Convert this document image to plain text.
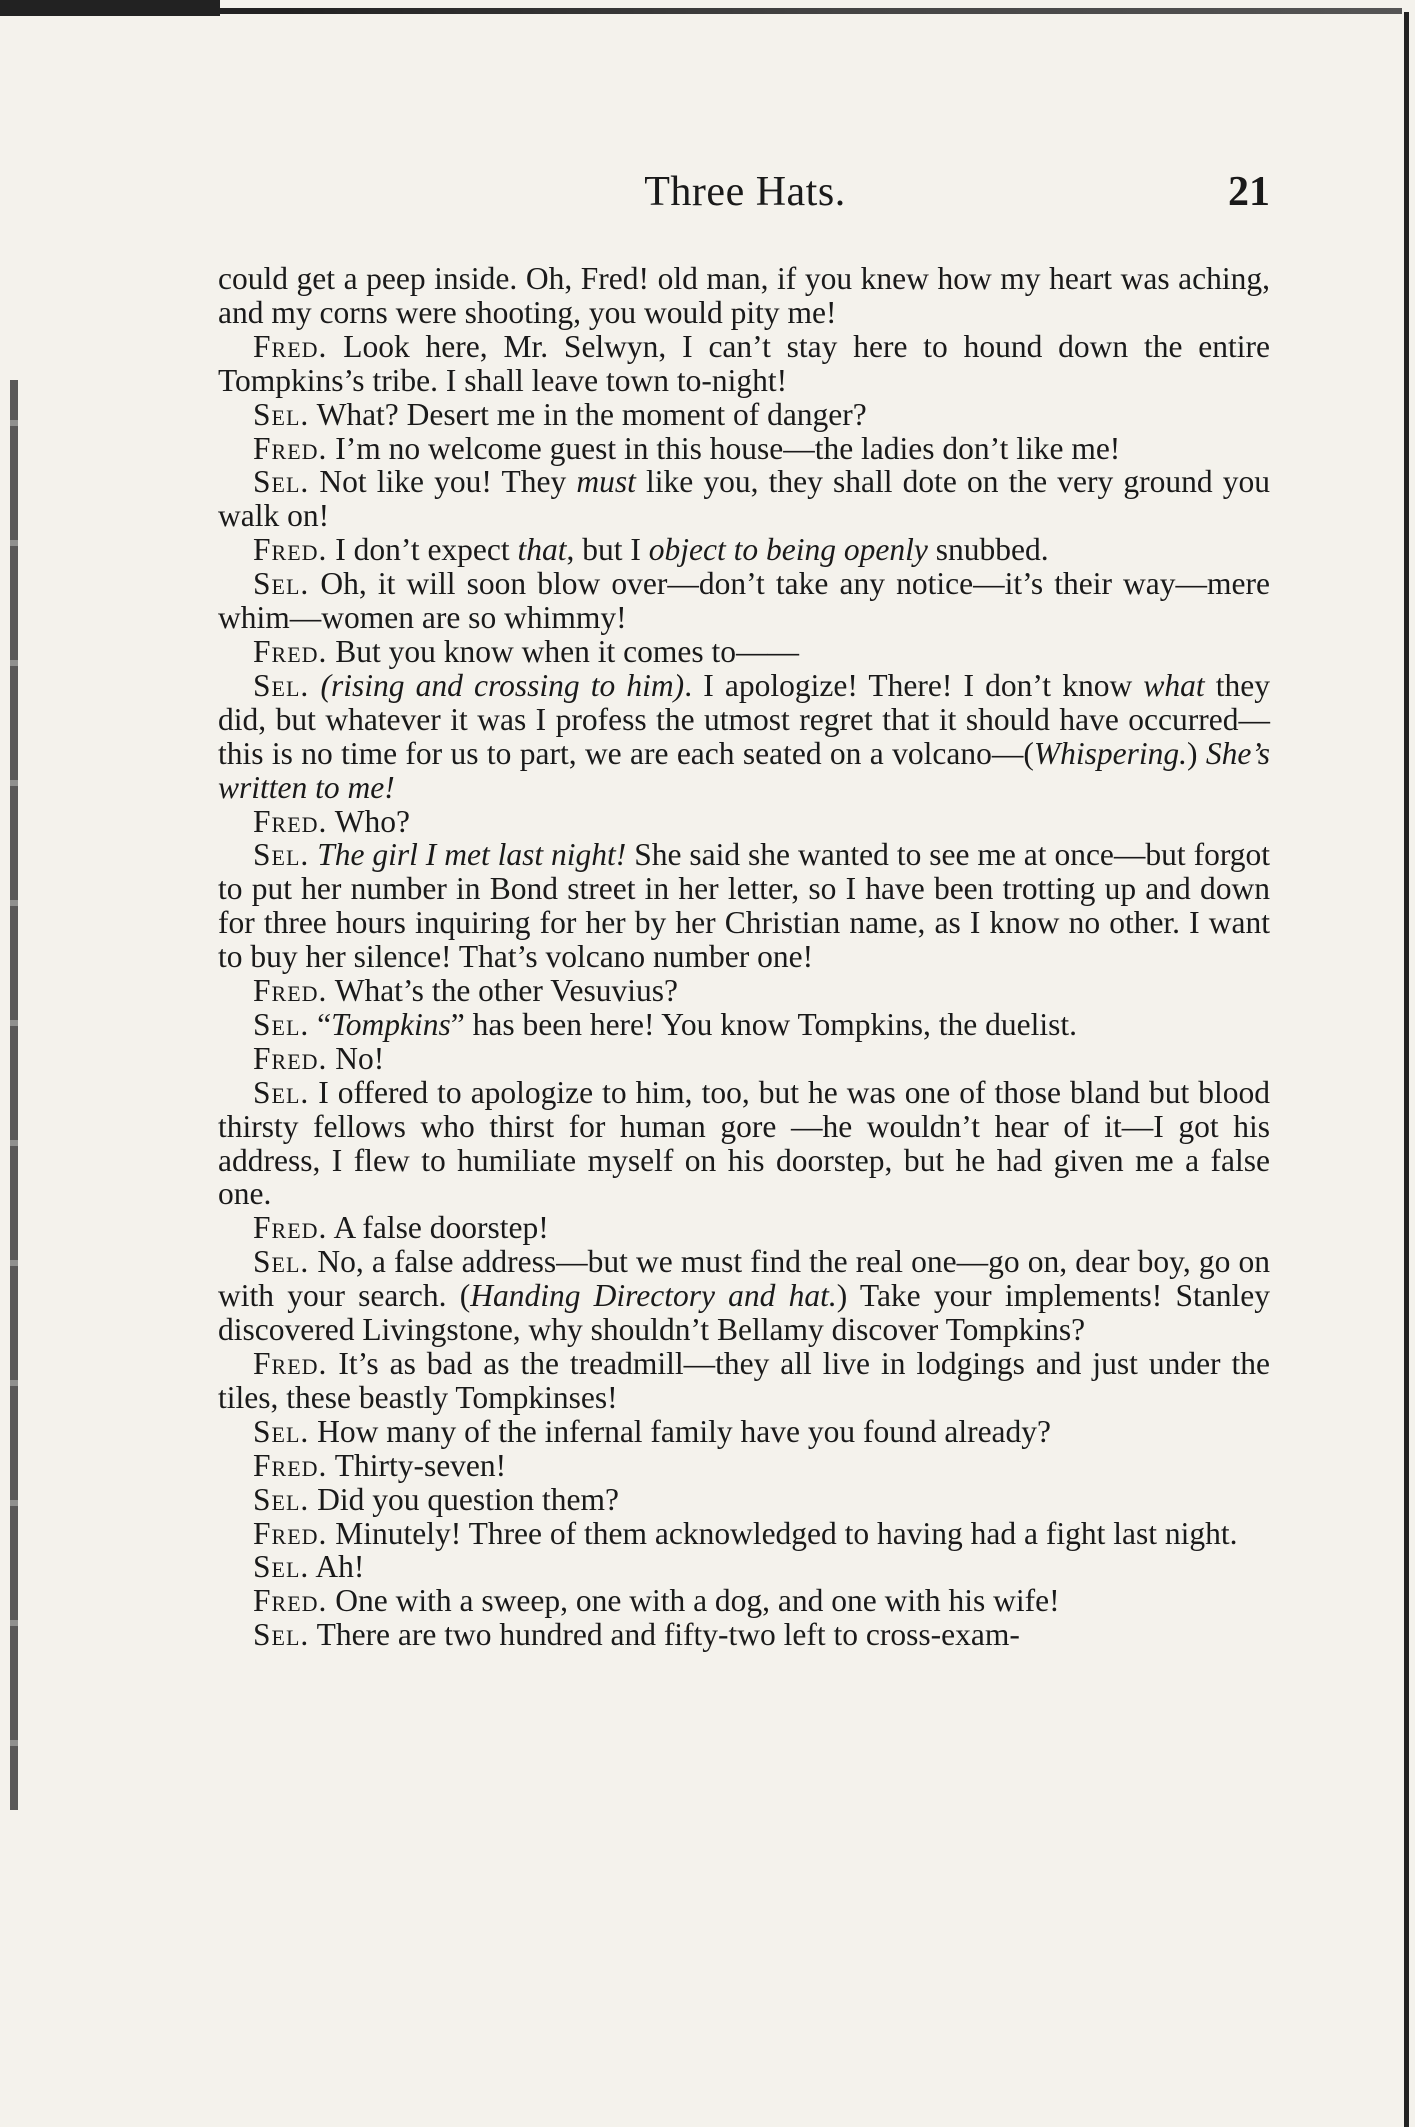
Three Hats.	21

could get a peep inside. Oh, Fred! old man, if you knew how my heart was aching, and my corns were shooting, you would pity me!

Fred. Look here, Mr. Selwyn, I can’t stay here to hound down the entire Tompkins’s tribe. I shall leave town to-night!

Sel. What? Desert me in the moment of danger?

Fred. I’m no welcome guest in this house—the ladies don’t like me!

Sel. Not like you! They must like you, they shall dote on the very ground you walk on!

Fred. I don’t expect that, but I object to being openly snubbed.

Sel. Oh, it will soon blow over—don’t take any notice—it’s their way—mere whim—women are so whimmy!

Fred. But you know when it comes to——

Sel. (rising and crossing to him). I apologize! There! I don’t know what they did, but whatever it was I profess the utmost regret that it should have occurred—this is no time for us to part, we are each seated on a volcano—(Whispering.) She’s written to me!

Fred. Who?

Sel. The girl I met last night! She said she wanted to see me at once—but forgot to put her number in Bond street in her letter, so I have been trotting up and down for three hours inquiring for her by her Christian name, as I know no other. I want to buy her silence! That’s volcano number one!

Fred. What’s the other Vesuvius?

Sel. “Tompkins” has been here! You know Tompkins, the duelist.

Fred. No!

Sel. I offered to apologize to him, too, but he was one of those bland but blood thirsty fellows who thirst for human gore —he wouldn’t hear of it—I got his address, I flew to humiliate myself on his doorstep, but he had given me a false one.

Fred. A false doorstep!

Sel. No, a false address—but we must find the real one—go on, dear boy, go on with your search. (Handing Directory and hat.) Take your implements! Stanley discovered Livingstone, why shouldn’t Bellamy discover Tompkins?

Fred. It’s as bad as the treadmill—they all live in lodgings and just under the tiles, these beastly Tompkinses!

Sel. How many of the infernal family have you found already?

Fred. Thirty-seven!

Sel. Did you question them?

Fred. Minutely! Three of them acknowledged to having had a fight last night.

Sel. Ah!

Fred. One with a sweep, one with a dog, and one with his wife!

Sel. There are two hundred and fifty-two left to cross-exam-
